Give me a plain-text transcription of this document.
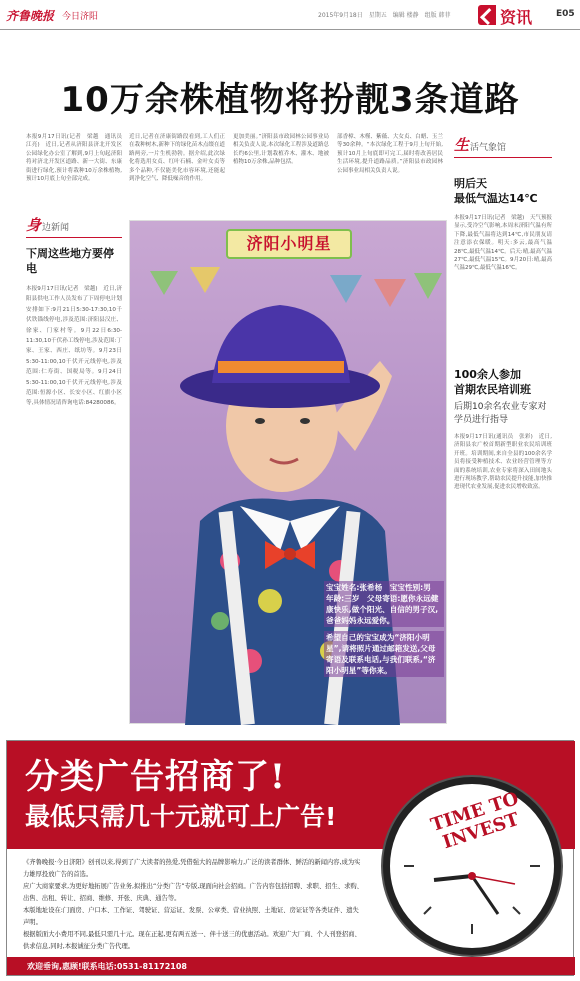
齐鲁晚报 今日济阳	2015年9月18日　星期五　编辑 楼静　组版 韩菲	资讯	E05
10万余株植物将扮靓3条道路
本报9月17日讯(记者　梁越　通讯员　江亮)　近日,记者从济阳县济北开发区公园绿化办公室了解到,9月上旬起济阳将对济北开发区道路、新一大街、东康街进行绿化,预计将栽种10万余株植物,预计10月底上旬全部完成。
近日,记者在济康街路段看到,工人们正在栽种树木,新种下的绿化苗木点缀在道路两旁,一片生机勃勃。据介绍,此次绿化将选用女贞、红叶石楠、金叶女贞等多个品种,不仅能美化市容环境,还能起到净化空气、降低噪音的作用。
更加美丽。”济阳县市政园林公园事业局相关负责人说,本次绿化工程涉及道路总长约6公里,计划栽植乔木、灌木、地被植物10万余株,品种包括。
部香樟、木槿、紫薇、大女贞、白蜡、玉兰等30余种。“本次绿化工程于9月上旬开始,预计10月上旬底即可完工,届时将改善居民生活环境,提升道路品质。”济阳县市政园林公园事业局相关负责人说。
身 边新闻
下周这些地方要停电
本报9月17日讯(记者　梁越)　近日,济阳县供电工作人员发布了下周停电计划安排如下:9月21日5:30-17:30,10千伏铁锚线停电,涉及范围:济阳县汉庄、徐家、门家村等。9月22日6:30-11:30,10千伏孙工线停电,涉及范围:丁家、王家、西庄、纸坊等。9月23日5:30-11:00,10千伏开元线停电,涉及范围:仁寿街、国税局等。9月24日5:30-11:00,10千伏开元线停电,涉及范围:恒源小区、长安小区、红旗小区等,具体情况请咨询电话:84280086。
济阳小明星

宝宝姓名:张希杨　宝宝性别:男　年龄:三岁　父母寄语:愿你永远健康快乐,做个阳光、自信的男子汉,爸爸妈妈永远爱你。

希望自己的宝宝成为“济阳小明星”,请将照片通过邮箱发送,父母寄语及联系电话,与我们联系,“济阳小明星”等你来。

生 活气象馆
明后天
最低气温达14℃
本报9月17日讯(记者　梁越)　天气预报显示,受冷空气影响,本周末济阳气温有所下降,最低气温将达到14℃,市民朋友请注意添衣保暖。明天:多云,最高气温28℃,最低气温14℃。后天:晴,最高气温27℃,最低气温15℃。9月20日:晴,最高气温29℃,最低气温16℃。
100余人参加
首期农民培训班
后期10余名农业专家对学员进行指导
本报9月17日讯(通讯员　张彩)　近日,济阳县农广校首期新型职业农民培训班开班。培训期间,来自全县的100余名学员将接受种植技术、农业经营管理等方面的系统培训,农业专家将深入田间地头进行现场教学,帮助农民提升技能,加快推进现代农业发展,促进农民增收致富。
分类广告招商了!
最低只需几十元就可上广告!

《齐鲁晚报·今日济阳》创刊以来,得到了广大读者的热爱,凭借强大的品牌影响力,广泛的读者群体、鲜活的新闻内容,成为实力雄厚投放广告的首选。

应广大商家要求,为更好地拓展广告业务,拟推出“分类广告”专版,现面向社会招商。广告内容包括招聘、求职、招生、求购、出售、出租、转让、招商、维修、开张、庆典、通告等。

本版地址设在:门面房、户口本、工作证、驾驶证、营运证、发票、公章类、营业执照、土地证、房证证等各类证件、遗失声明。

根据版面大小费用不同,最低只需几十元。现在正起,更有两五送一、伴十送三的优惠活动。欢迎广大厂商、个人刊登招商、供求信息,同时,本报诚征分类广告代理。

欢迎垂询,惠顾!联系电话:0531-81172108
TIME TO INVEST
